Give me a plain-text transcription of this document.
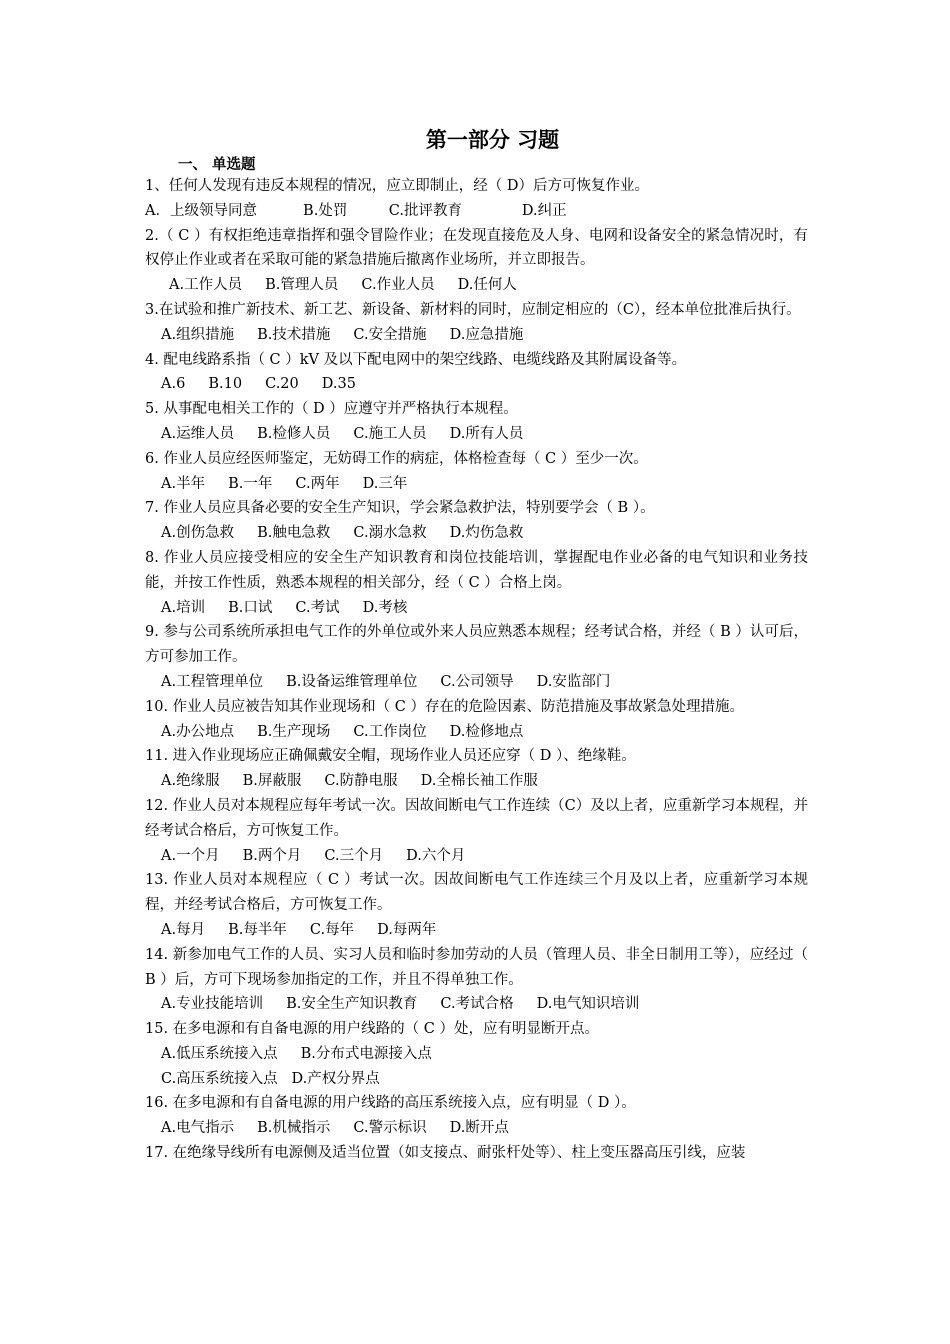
第一部分 习题
一、 单选题

1、任何人发现有违反本规程的情况，应立即制止，经（ D）后方可恢复作业。

A．上级领导同意          B.处罚         C.批评教育             D.纠正

2.（ C ）有权拒绝违章指挥和强令冒险作业；在发现直接危及人身、电网和设备安全的紧急情况时，有权停止作业或者在采取可能的紧急措施后撤离作业场所，并立即报告。

A.工作人员     B.管理人员     C.作业人员     D.任何人

3.在试验和推广新技术、新工艺、新设备、新材料的同时，应制定相应的（C），经本单位批准后执行。

A.组织措施     B.技术措施     C.安全措施     D.应急措施

4. 配电线路系指（ C ）kV 及以下配电网中的架空线路、电缆线路及其附属设备等。

A.6     B.10     C.20     D.35

5. 从事配电相关工作的（ D ）应遵守并严格执行本规程。

A.运维人员     B.检修人员     C.施工人员     D.所有人员

6. 作业人员应经医师鉴定，无妨碍工作的病症，体格检查每（ C ）至少一次。

A.半年     B.一年     C.两年     D.三年

7. 作业人员应具备必要的安全生产知识，学会紧急救护法，特别要学会（ B ）。

A.创伤急救     B.触电急救     C.溺水急救     D.灼伤急救

8. 作业人员应接受相应的安全生产知识教育和岗位技能培训，掌握配电作业必备的电气知识和业务技能，并按工作性质，熟悉本规程的相关部分，经（ C ）合格上岗。

A.培训     B.口试     C.考试     D.考核

9. 参与公司系统所承担电气工作的外单位或外来人员应熟悉本规程；经考试合格，并经（ B ）认可后，方可参加工作。

A.工程管理单位     B.设备运维管理单位     C.公司领导     D.安监部门

10. 作业人员应被告知其作业现场和（ C ）存在的危险因素、防范措施及事故紧急处理措施。

A.办公地点     B.生产现场     C.工作岗位     D.检修地点

11. 进入作业现场应正确佩戴安全帽，现场作业人员还应穿（ D ）、绝缘鞋。

A.绝缘服     B.屏蔽服     C.防静电服     D.全棉长袖工作服

12. 作业人员对本规程应每年考试一次。因故间断电气工作连续（C）及以上者，应重新学习本规程，并经考试合格后，方可恢复工作。

A.一个月     B.两个月     C.三个月     D.六个月

13. 作业人员对本规程应（ C ）考试一次。因故间断电气工作连续三个月及以上者，应重新学习本规程，并经考试合格后，方可恢复工作。

A.每月     B.每半年     C.每年     D.每两年

14. 新参加电气工作的人员、实习人员和临时参加劳动的人员（管理人员、非全日制用工等），应经过（ B ）后，方可下现场参加指定的工作，并且不得单独工作。

A.专业技能培训     B.安全生产知识教育     C.考试合格     D.电气知识培训

15. 在多电源和有自备电源的用户线路的（ C ）处，应有明显断开点。

A.低压系统接入点     B.分布式电源接入点

C.高压系统接入点   D.产权分界点

16. 在多电源和有自备电源的用户线路的高压系统接入点，应有明显（ D ）。

A.电气指示     B.机械指示     C.警示标识     D.断开点

17. 在绝缘导线所有电源侧及适当位置（如支接点、耐张杆处等）、柱上变压器高压引线，应装
